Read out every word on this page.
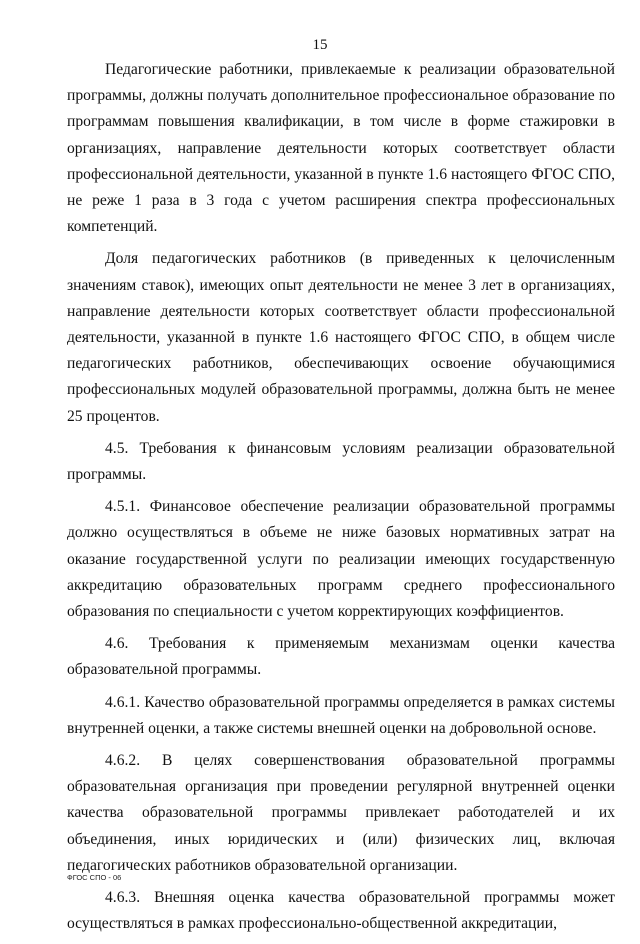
15

Педагогические работники, привлекаемые к реализации образовательной программы, должны получать дополнительное профессиональное образование по программам повышения квалификации, в том числе в форме стажировки в организациях, направление деятельности которых соответствует области профессиональной деятельности, указанной в пункте 1.6 настоящего ФГОС СПО, не реже 1 раза в 3 года с учетом расширения спектра профессиональных компетенций.

Доля педагогических работников (в приведенных к целочисленным значениям ставок), имеющих опыт деятельности не менее 3 лет в организациях, направление деятельности которых соответствует области профессиональной деятельности, указанной в пункте 1.6 настоящего ФГОС СПО, в общем числе педагогических работников, обеспечивающих освоение обучающимися профессиональных модулей образовательной программы, должна быть не менее 25 процентов.

4.5. Требования к финансовым условиям реализации образовательной программы.

4.5.1. Финансовое обеспечение реализации образовательной программы должно осуществляться в объеме не ниже базовых нормативных затрат на оказание государственной услуги по реализации имеющих государственную аккредитацию образовательных программ среднего профессионального образования по специальности с учетом корректирующих коэффициентов.

4.6. Требования к применяемым механизмам оценки качества образовательной программы.

4.6.1. Качество образовательной программы определяется в рамках системы внутренней оценки, а также системы внешней оценки на добровольной основе.

4.6.2. В целях совершенствования образовательной программы образовательная организация при проведении регулярной внутренней оценки качества образовательной программы привлекает работодателей и их объединения, иных юридических и (или) физических лиц, включая педагогических работников образовательной организации.

4.6.3. Внешняя оценка качества образовательной программы может осуществляться в рамках профессионально-общественной аккредитации,

ФГОС СПО - 06
